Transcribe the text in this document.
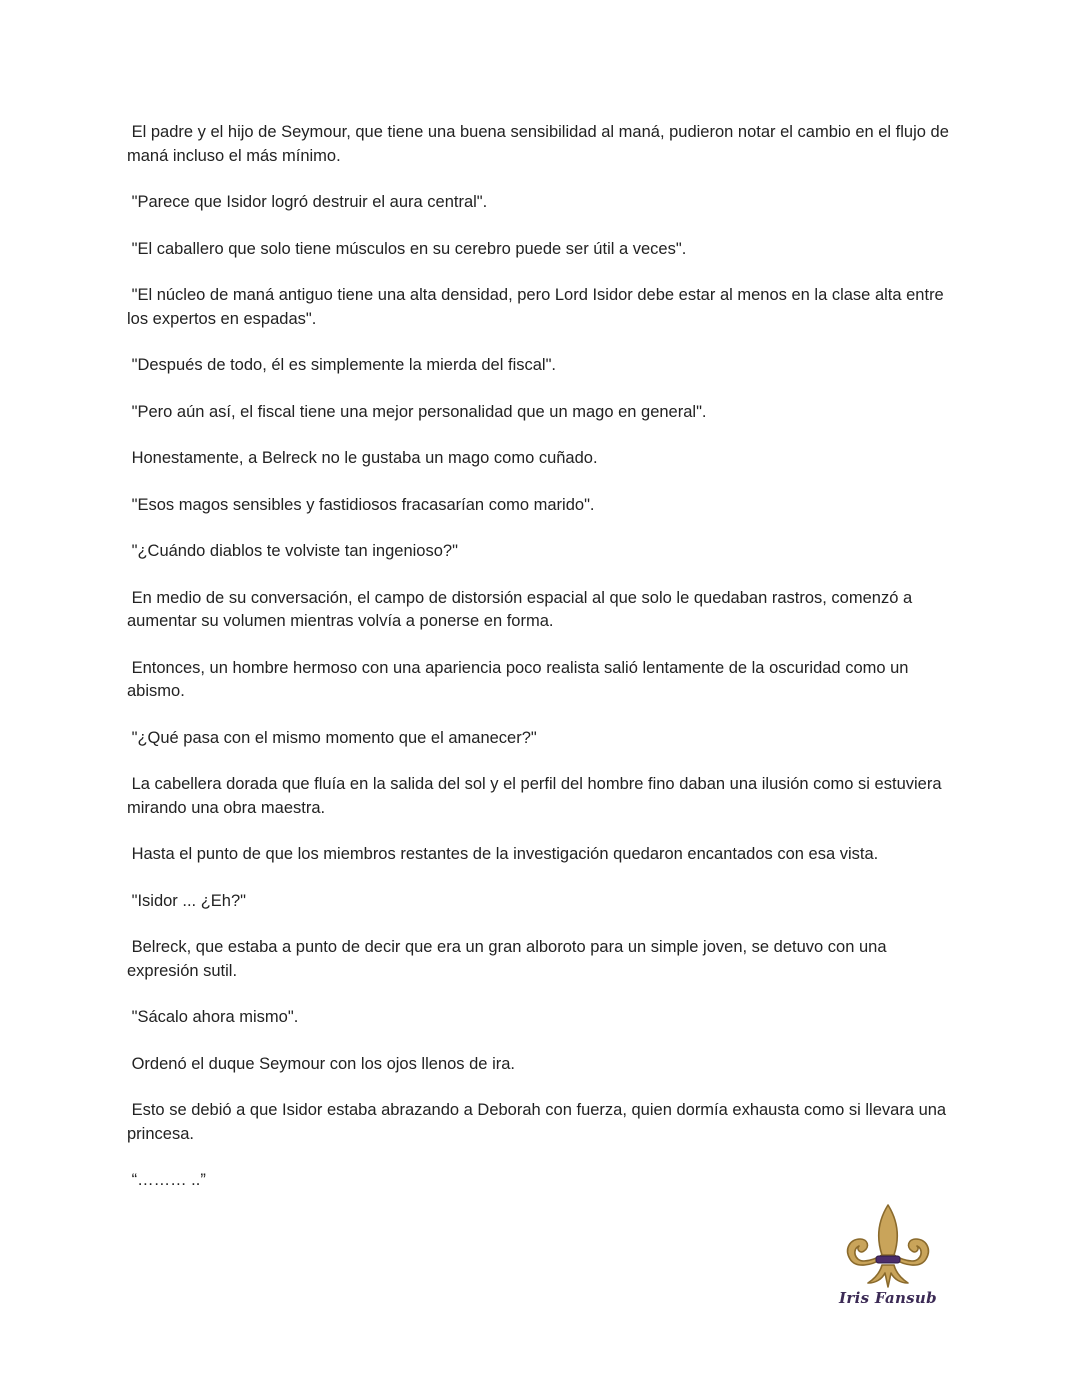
El padre y el hijo de Seymour, que tiene una buena sensibilidad al maná, pudieron notar el cambio en el flujo de maná incluso el más mínimo.

"Parece que Isidor logró destruir el aura central".

"El caballero que solo tiene músculos en su cerebro puede ser útil a veces".

"El núcleo de maná antiguo tiene una alta densidad, pero Lord Isidor debe estar al menos en la clase alta entre los expertos en espadas".

"Después de todo, él es simplemente la mierda del fiscal".

"Pero aún así, el fiscal tiene una mejor personalidad que un mago en general".

Honestamente, a Belreck no le gustaba un mago como cuñado.

"Esos magos sensibles y fastidiosos fracasarían como marido".

"¿Cuándo diablos te volviste tan ingenioso?"

En medio de su conversación, el campo de distorsión espacial al que solo le quedaban rastros, comenzó a aumentar su volumen mientras volvía a ponerse en forma.

Entonces, un hombre hermoso con una apariencia poco realista salió lentamente de la oscuridad como un abismo.

"¿Qué pasa con el mismo momento que el amanecer?"

La cabellera dorada que fluía en la salida del sol y el perfil del hombre fino daban una ilusión como si estuviera mirando una obra maestra.

Hasta el punto de que los miembros restantes de la investigación quedaron encantados con esa vista.

"Isidor ... ¿Eh?"

Belreck, que estaba a punto de decir que era un gran alboroto para un simple joven, se detuvo con una expresión sutil.

"Sácalo ahora mismo".

Ordenó el duque Seymour con los ojos llenos de ira.

Esto se debió a que Isidor estaba abrazando a Deborah con fuerza, quien dormía exhausta como si llevara una princesa.

“……… ..”

Iris Fansub
